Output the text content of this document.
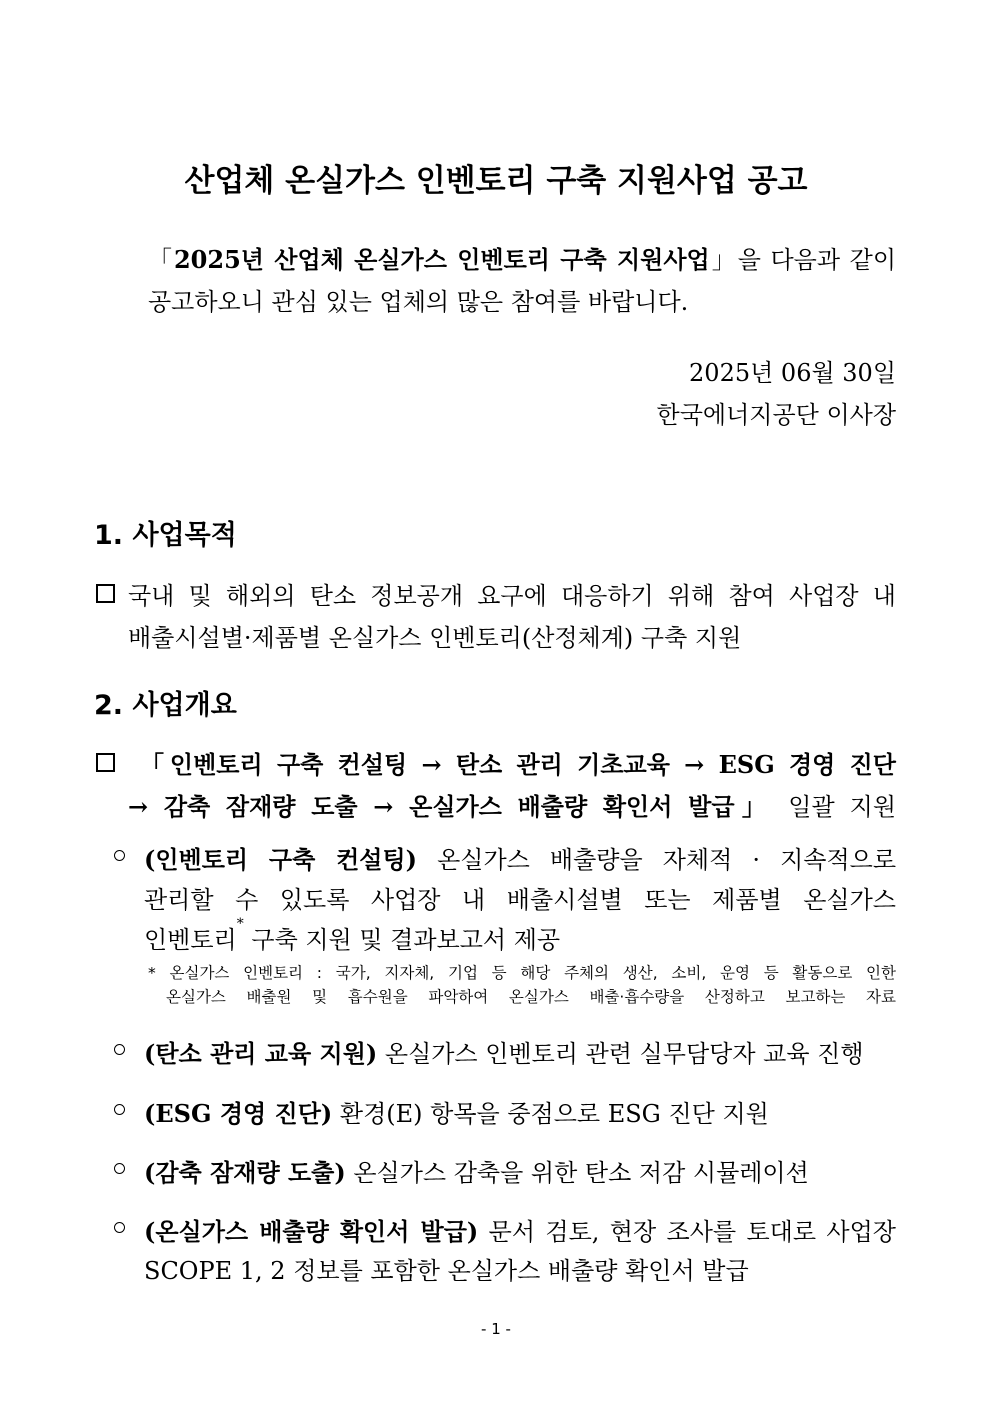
산업체 온실가스 인벤토리 구축 지원사업 공고
「2025년 산업체 온실가스 인벤토리 구축 지원사업」을 다음과 같이
공고하오니 관심 있는 업체의 많은 참여를 바랍니다.
2025년 06월 30일
한국에너지공단 이사장
1. 사업목적
국내 및 해외의 탄소 정보공개 요구에 대응하기 위해 참여 사업장 내
배출시설별·제품별 온실가스 인벤토리(산정체계) 구축 지원
2. 사업개요
「인벤토리 구축 컨설팅 → 탄소 관리 기초교육 → ESG 경영 진단
→ 감축 잠재량 도출 → 온실가스 배출량 확인서 발급」 일괄 지원
(인벤토리 구축 컨설팅) 온실가스 배출량을 자체적 · 지속적으로
관리할 수 있도록 사업장 내 배출시설별 또는 제품별 온실가스
인벤토리* 구축 지원 및 결과보고서 제공
* 온실가스 인벤토리 : 국가, 지자체, 기업 등 해당 주체의 생산, 소비, 운영 등 활동으로 인한
온실가스 배출원 및 흡수원을 파악하여 온실가스 배출·흡수량을 산정하고 보고하는 자료
(탄소 관리 교육 지원) 온실가스 인벤토리 관련 실무담당자 교육 진행
(ESG 경영 진단) 환경(E) 항목을 중점으로 ESG 진단 지원
(감축 잠재량 도출) 온실가스 감축을 위한 탄소 저감 시뮬레이션
(온실가스 배출량 확인서 발급) 문서 검토, 현장 조사를 토대로 사업장
SCOPE 1, 2 정보를 포함한 온실가스 배출량 확인서 발급
- 1 -
